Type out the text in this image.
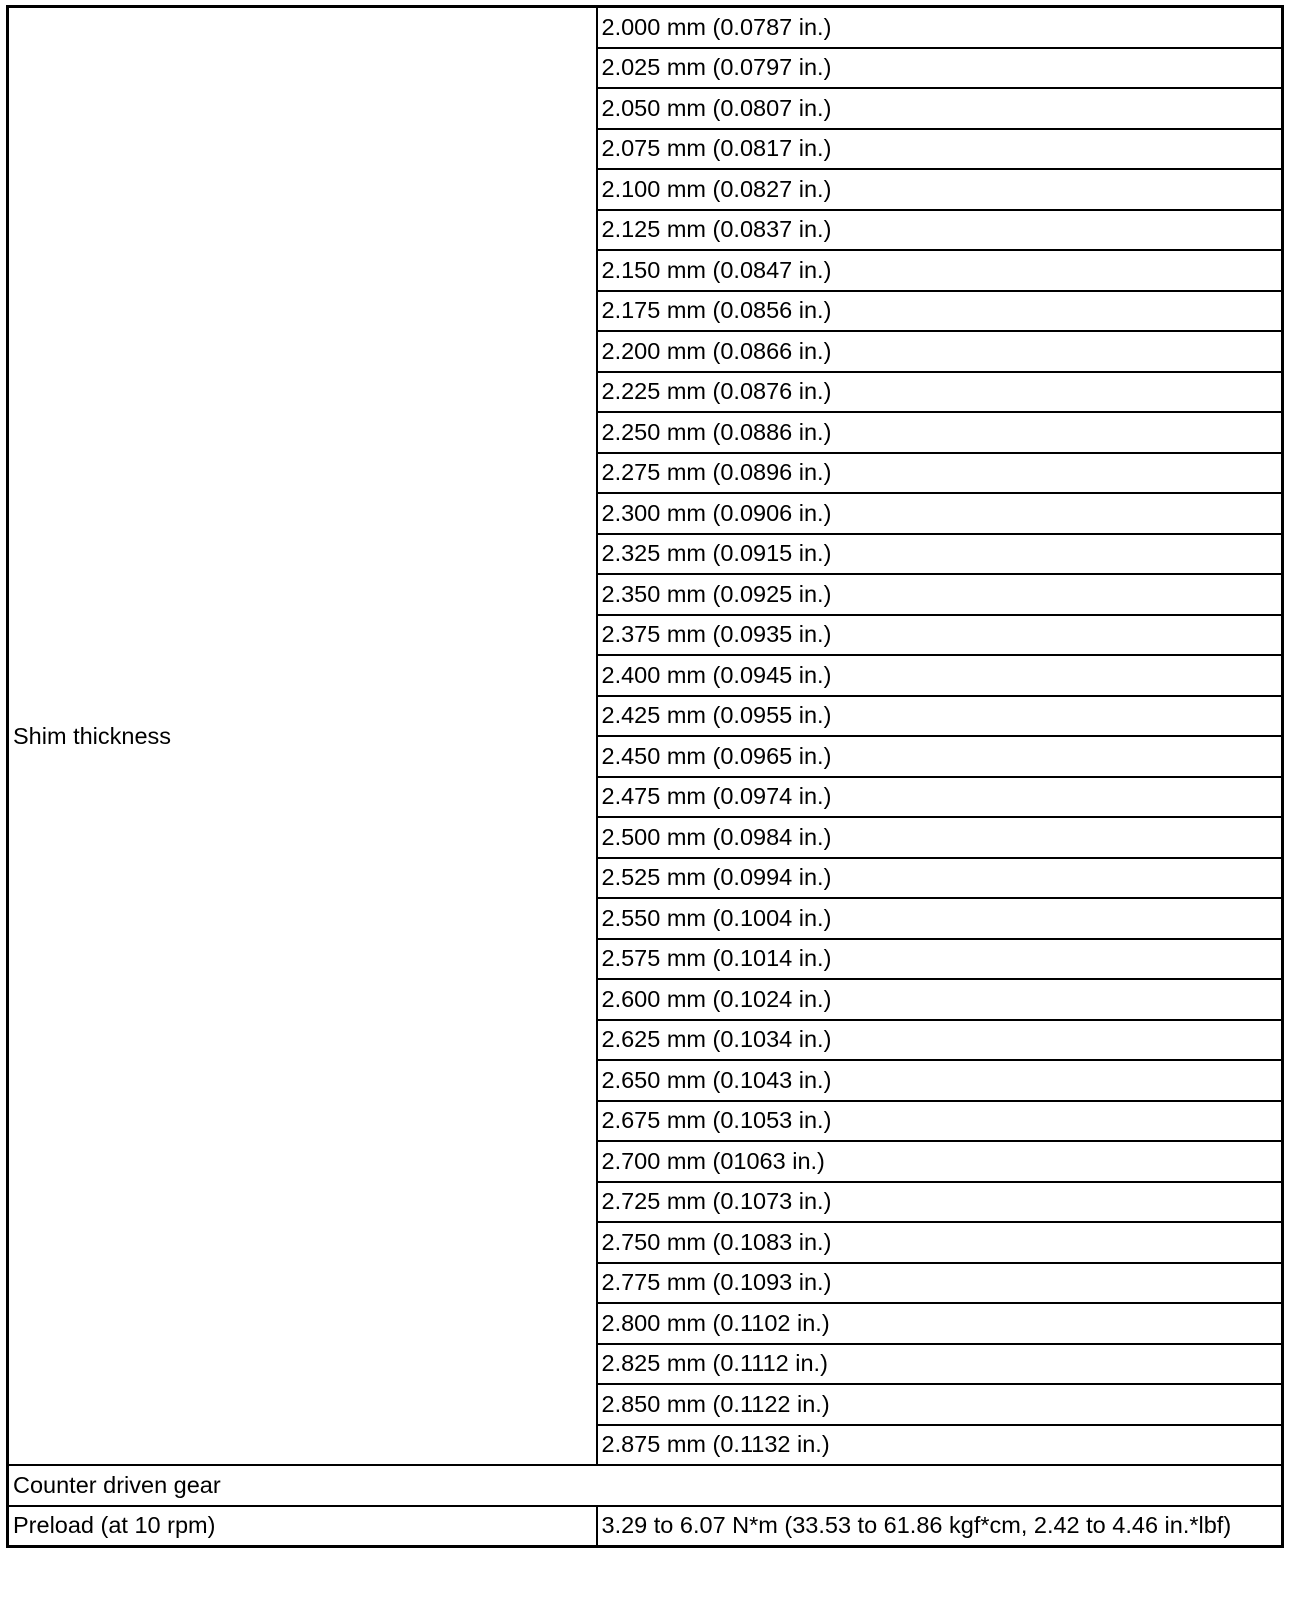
Shim thickness	2.000 mm (0.0787 in.)
	2.025 mm (0.0797 in.)
	2.050 mm (0.0807 in.)
	2.075 mm (0.0817 in.)
	2.100 mm (0.0827 in.)
	2.125 mm (0.0837 in.)
	2.150 mm (0.0847 in.)
	2.175 mm (0.0856 in.)
	2.200 mm (0.0866 in.)
	2.225 mm (0.0876 in.)
	2.250 mm (0.0886 in.)
	2.275 mm (0.0896 in.)
	2.300 mm (0.0906 in.)
	2.325 mm (0.0915 in.)
	2.350 mm (0.0925 in.)
	2.375 mm (0.0935 in.)
	2.400 mm (0.0945 in.)
	2.425 mm (0.0955 in.)
	2.450 mm (0.0965 in.)
	2.475 mm (0.0974 in.)
	2.500 mm (0.0984 in.)
	2.525 mm (0.0994 in.)
	2.550 mm (0.1004 in.)
	2.575 mm (0.1014 in.)
	2.600 mm (0.1024 in.)
	2.625 mm (0.1034 in.)
	2.650 mm (0.1043 in.)
	2.675 mm (0.1053 in.)
	2.700 mm (01063 in.)
	2.725 mm (0.1073 in.)
	2.750 mm (0.1083 in.)
	2.775 mm (0.1093 in.)
	2.800 mm (0.1102 in.)
	2.825 mm (0.1112 in.)
	2.850 mm (0.1122 in.)
	2.875 mm (0.1132 in.)
Counter driven gear	
Preload (at 10 rpm)	3.29 to 6.07 N*m (33.53 to 61.86 kgf*cm, 2.42 to 4.46 in.*lbf)
